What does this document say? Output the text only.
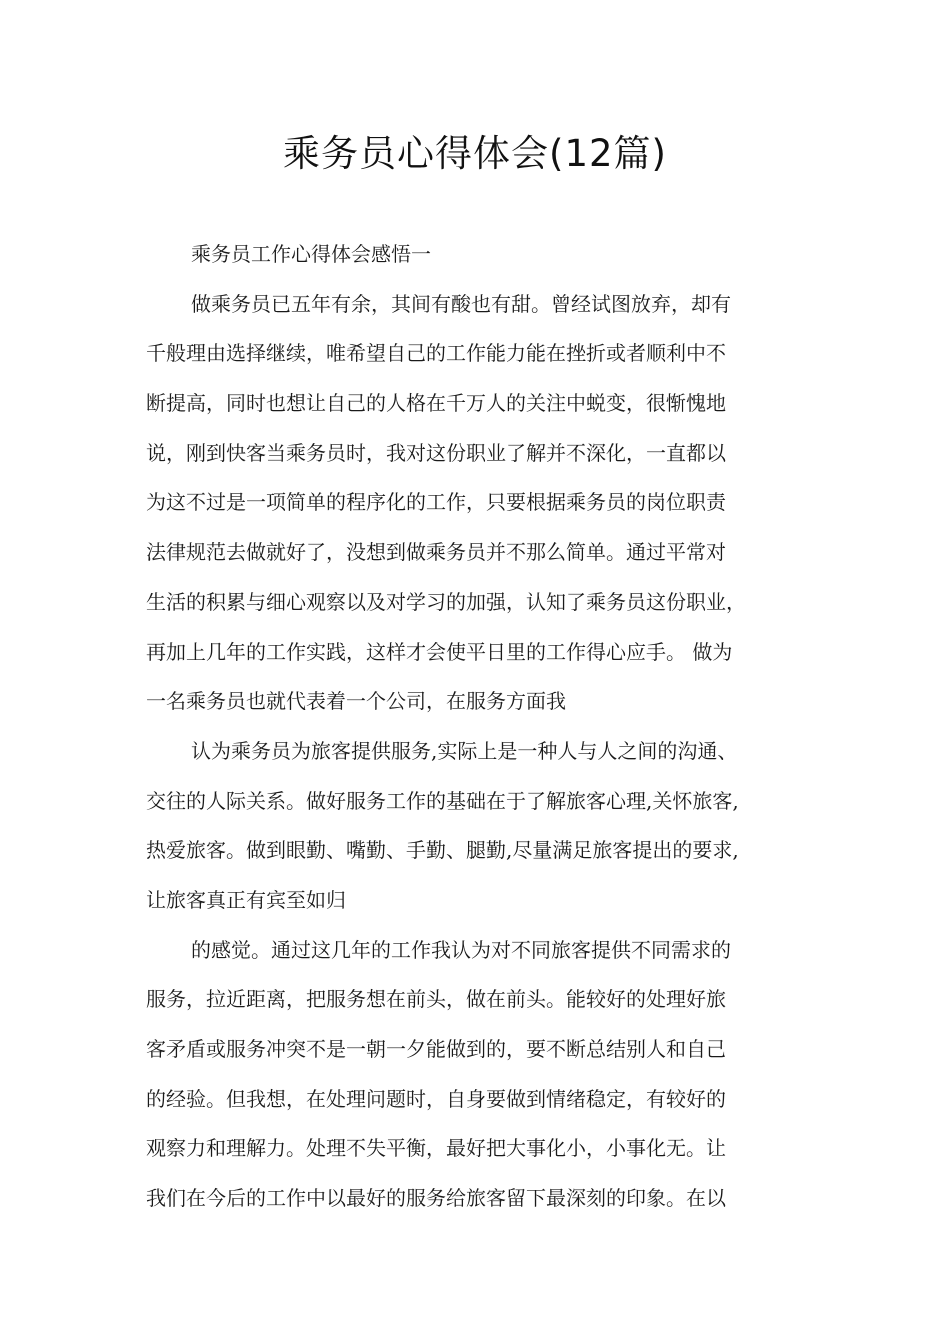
乘务员心得体会(12篇)
乘务员工作心得体会感悟一
做乘务员已五年有余，其间有酸也有甜。曾经试图放弃，却有
千般理由选择继续，唯希望自己的工作能力能在挫折或者顺利中不
断提高，同时也想让自己的人格在千万人的关注中蜕变，很惭愧地
说，刚到快客当乘务员时，我对这份职业了解并不深化，一直都以
为这不过是一项简单的程序化的工作，只要根据乘务员的岗位职责
法律规范去做就好了，没想到做乘务员并不那么简单。通过平常对
生活的积累与细心观察以及对学习的加强，认知了乘务员这份职业，
再加上几年的工作实践，这样才会使平日里的工作得心应手。 做为
一名乘务员也就代表着一个公司，在服务方面我
认为乘务员为旅客提供服务,实际上是一种人与人之间的沟通、
交往的人际关系。做好服务工作的基础在于了解旅客心理,关怀旅客,
热爱旅客。做到眼勤、嘴勤、手勤、腿勤,尽量满足旅客提出的要求,
让旅客真正有宾至如归
的感觉。通过这几年的工作我认为对不同旅客提供不同需求的
服务，拉近距离，把服务想在前头，做在前头。能较好的处理好旅
客矛盾或服务冲突不是一朝一夕能做到的，要不断总结别人和自己
的经验。但我想，在处理问题时，自身要做到情绪稳定，有较好的
观察力和理解力。处理不失平衡，最好把大事化小，小事化无。让
我们在今后的工作中以最好的服务给旅客留下最深刻的印象。在以
